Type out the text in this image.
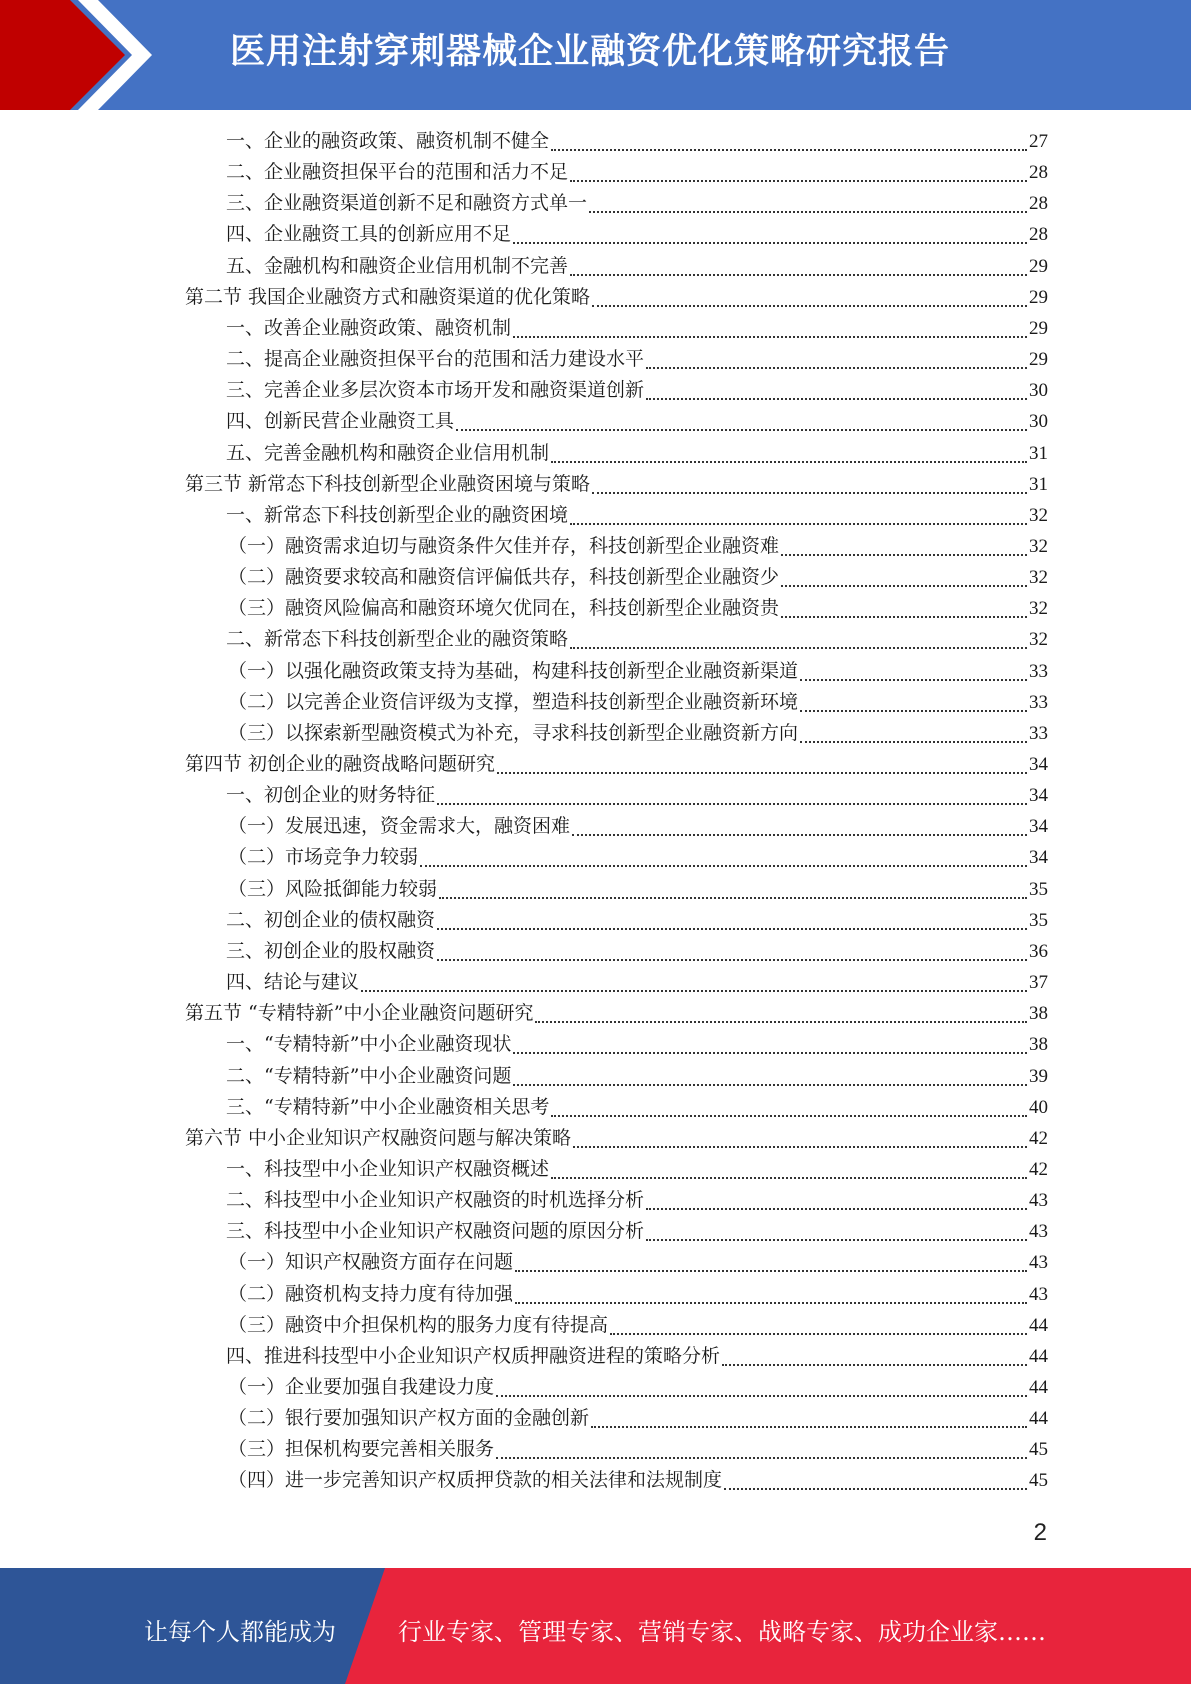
医用注射穿刺器械企业融资优化策略研究报告
一、企业的融资政策、融资机制不健全	27
二、企业融资担保平台的范围和活力不足	28
三、企业融资渠道创新不足和融资方式单一	28
四、企业融资工具的创新应用不足	28
五、金融机构和融资企业信用机制不完善	29
第二节 我国企业融资方式和融资渠道的优化策略	29
一、改善企业融资政策、融资机制	29
二、提高企业融资担保平台的范围和活力建设水平	29
三、完善企业多层次资本市场开发和融资渠道创新	30
四、创新民营企业融资工具	30
五、完善金融机构和融资企业信用机制	31
第三节 新常态下科技创新型企业融资困境与策略	31
一、新常态下科技创新型企业的融资困境	32
（一）融资需求迫切与融资条件欠佳并存，科技创新型企业融资难	32
（二）融资要求较高和融资信评偏低共存，科技创新型企业融资少	32
（三）融资风险偏高和融资环境欠优同在，科技创新型企业融资贵	32
二、新常态下科技创新型企业的融资策略	32
（一）以强化融资政策支持为基础，构建科技创新型企业融资新渠道	33
（二）以完善企业资信评级为支撑，塑造科技创新型企业融资新环境	33
（三）以探索新型融资模式为补充，寻求科技创新型企业融资新方向	33
第四节 初创企业的融资战略问题研究	34
一、初创企业的财务特征	34
（一）发展迅速，资金需求大，融资困难	34
（二）市场竞争力较弱	34
（三）风险抵御能力较弱	35
二、初创企业的债权融资	35
三、初创企业的股权融资	36
四、结论与建议	37
第五节 “专精特新”中小企业融资问题研究	38
一、“专精特新”中小企业融资现状	38
二、“专精特新”中小企业融资问题	39
三、“专精特新”中小企业融资相关思考	40
第六节 中小企业知识产权融资问题与解决策略	42
一、科技型中小企业知识产权融资概述	42
二、科技型中小企业知识产权融资的时机选择分析	43
三、科技型中小企业知识产权融资问题的原因分析	43
（一）知识产权融资方面存在问题	43
（二）融资机构支持力度有待加强	43
（三）融资中介担保机构的服务力度有待提高	44
四、推进科技型中小企业知识产权质押融资进程的策略分析	44
（一）企业要加强自我建设力度	44
（二）银行要加强知识产权方面的金融创新	44
（三）担保机构要完善相关服务	45
（四）进一步完善知识产权质押贷款的相关法律和法规制度	45
2
让每个人都能成为	行业专家、管理专家、营销专家、战略专家、成功企业家……
